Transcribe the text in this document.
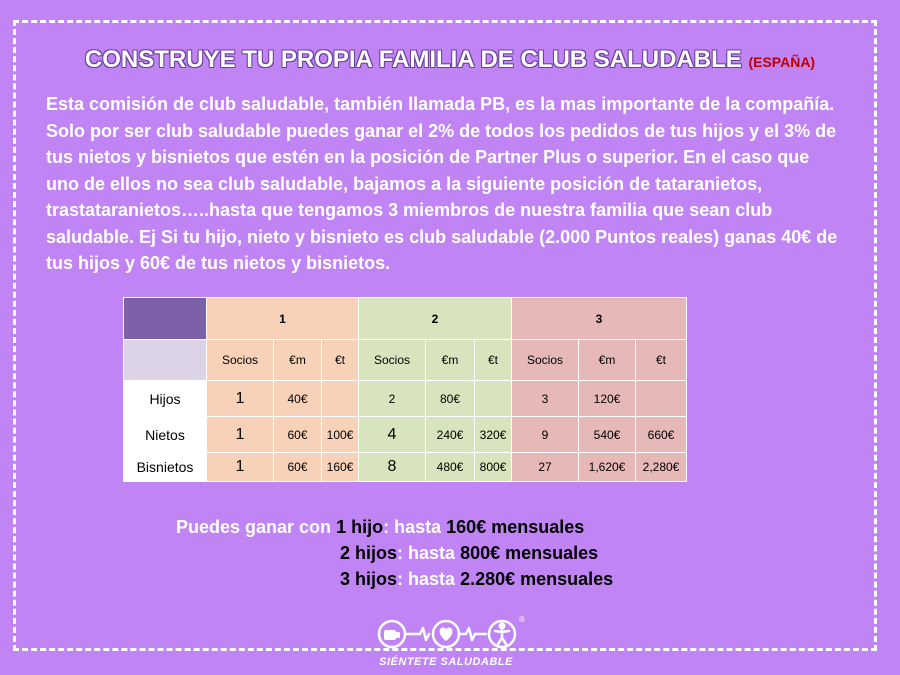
CONSTRUYE TU PROPIA FAMILIA DE CLUB SALUDABLE (ESPAÑA)

Esta comisión de club saludable, también llamada PB, es la mas importante de la compañía. Solo por ser club saludable puedes ganar el 2% de todos los pedidos de tus hijos y el 3% de tus nietos y bisnietos que estén en la posición de Partner Plus o superior. En el caso que uno de ellos no sea club saludable, bajamos a la siguiente posición de tataranietos, trastataranietos…..hasta que tengamos 3 miembros de nuestra familia que sean club saludable. Ej Si tu hijo, nieto y bisnieto es club saludable (2.000 Puntos reales) ganas 40€ de tus hijos y 60€ de tus nietos y bisnietos.

	1			2			3		
	Socios	€m	€t	Socios	€m	€t	Socios	€m	€t
Hijos	1	40€		2	80€		3	120€	
Nietos	1	60€	100€	4	240€	320€	9	540€	660€
Bisnietos	1	60€	160€	8	480€	800€	27	1,620€	2,280€
Puedes ganar con 1 hijo: hasta 160€ mensuales
2 hijos: hasta 800€ mensuales
3 hijos: hasta 2.280€ mensuales
®
SIÉNTETE SALUDABLE
